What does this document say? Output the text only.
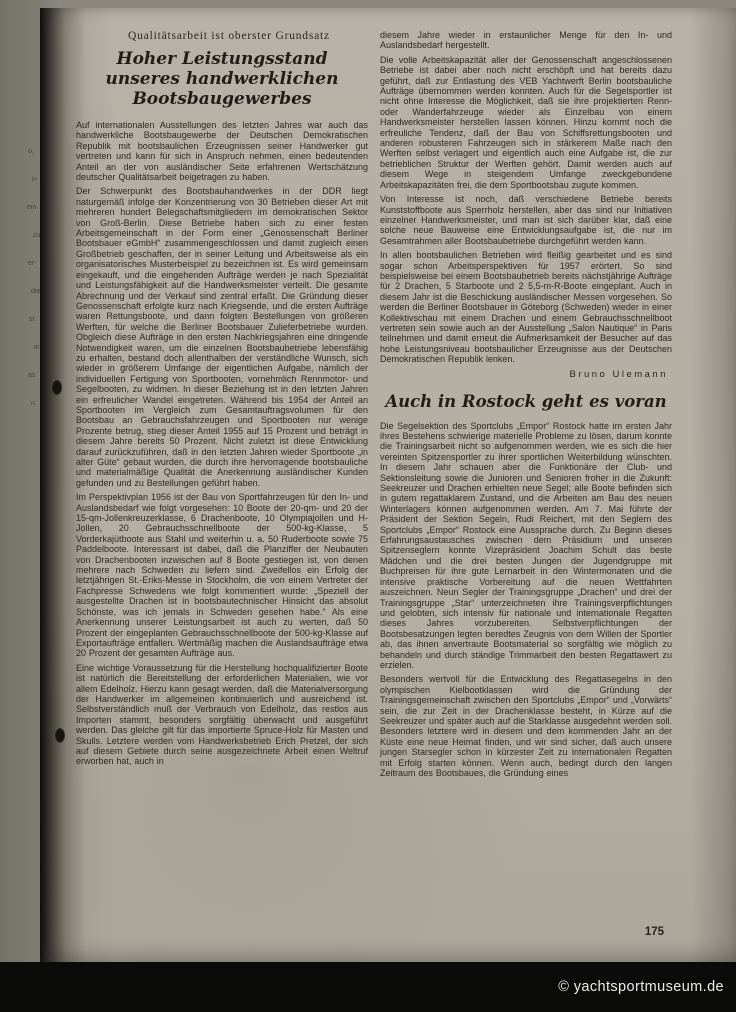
o,
n-
ein
zu
er-
die
st
in
as
n.
Qualitätsarbeit ist oberster Grundsatz
Hoher Leistungsstand
unseres handwerklichen Bootsbaugewerbes

Auf internationalen Ausstellungen des letzten Jahres war auch das handwerkliche Bootsbaugewerbe der Deutschen Demokratischen Republik mit bootsbaulichen Erzeugnissen seiner Handwerker gut vertreten und kann für sich in Anspruch nehmen, einen bedeutenden Anteil an der von ausländischer Seite erfahrenen Wertschätzung deutscher Qualitätsarbeit beigetragen zu haben.

Der Schwerpunkt des Bootsbauhandwerkes in der DDR liegt naturgemäß infolge der Konzentrierung von 30 Betrieben dieser Art mit mehreren hundert Belegschaftsmitgliedern im demokratischen Sektor von Groß-Berlin. Diese Betriebe haben sich zu einer festen Arbeitsgemeinschaft in der Form einer „Genossenschaft Berliner Bootsbauer eGmbH“ zusammengeschlossen und damit zugleich einen Großbetrieb geschaffen, der in seiner Leitung und Arbeitsweise als ein organisatorisches Musterbeispiel zu bezeichnen ist. Es wird gemeinsam eingekauft, und die eingehenden Aufträge werden je nach Spezialität und Leistungsfähigkeit auf die Handwerksmeister verteilt. Die gesamte Abrechnung und der Verkauf sind zentral erfaßt. Die Gründung dieser Genossenschaft erfolgte kurz nach Kriegsende, und die ersten Aufträge waren Rettungsboote, und dann folgten Bestellungen von größeren Werften, für welche die Berliner Bootsbauer Zulieferbetriebe wurden. Obgleich diese Aufträge in den ersten Nachkriegsjahren eine dringende Notwendigkeit waren, um die einzelnen Bootsbaubetriebe lebensfähig zu erhalten, bestand doch allenthalben der verständliche Wunsch, sich wieder in größerem Umfange der eigentlichen Aufgabe, nämlich der individuellen Fertigung von Sportbooten, vornehmlich Rennmotor- und Segelbooten, zu widmen. In dieser Beziehung ist in den letzten Jahren ein erfreulicher Wandel eingetreten. Während bis 1954 der Anteil an Sportbooten im Vergleich zum Gesamtauftragsvolumen für den Bootsbau an Gebrauchsfahrzeugen und Sportbooten nur wenige Prozente betrug, stieg dieser Anteil 1955 auf 15 Prozent und beträgt in diesem Jahre bereits 50 Prozent. Nicht zuletzt ist diese Entwicklung darauf zurückzuführen, daß in den letzten Jahren wieder Sportboote „in alter Güte“ gebaut wurden, die durch ihre hervorragende bootsbauliche und materialmäßige Qualität die Anerkennung ausländischer Kunden gefunden und zu Bestellungen geführt haben.

Im Perspektivplan 1956 ist der Bau von Sportfahrzeugen für den In- und Auslandsbedarf wie folgt vorgesehen: 10 Boote der 20-qm- und 20 der 15-qm-Jollenkreuzerklasse, 6 Drachenboote, 10 Olympiajollen und H-Jollen, 20 Gebrauchsschnellboote der 500-kg-Klasse, 5 Vorderkajütboote aus Stahl und weiterhin u. a. 50 Ruderboote sowie 75 Paddelboote. Interessant ist dabei, daß die Planziffer der Neubauten von Drachenbooten inzwischen auf 8 Boote gestiegen ist, von denen mehrere nach Schweden zu liefern sind. Zweifellos ein Erfolg der letztjährigen St.-Eriks-Messe in Stockholm, die von einem Vertreter der Fachpresse Schwedens wie folgt kommentiert wurde: „Speziell der ausgestellte Drachen ist in bootsbautechnischer Hinsicht das absolut Schönste, was ich jemals in Schweden gesehen habe.“ Als eine Anerkennung unserer Leistungsarbeit ist auch zu werten, daß 50 Prozent der eingeplanten Gebrauchsschnellboote der 500-kg-Klasse auf Exportaufträge entfallen. Wertmäßig machen die Auslandsaufträge etwa 20 Prozent der gesamten Aufträge aus.

Eine wichtige Voraussetzung für die Herstellung hochqualifizierter Boote ist natürlich die Bereitstellung der erforderlichen Materialien, wie vor allem Edelholz. Hierzu kann gesagt werden, daß die Materialversorgung der Handwerker im allgemeinen kontinuierlich und ausreichend ist. Selbstverständlich muß der Verbrauch von Edelholz, das restlos aus Importen stammt, besonders sorgfältig überwacht und ausgeführt werden. Das gleiche gilt für das importierte Spruce-Holz für Masten und Skulls. Letztere werden vom Handwerksbetrieb Erich Pretzel, der sich auf diesem Gebiete durch seine ausgezeichnete Arbeit einen Weltruf erworben hat, auch in

diesem Jahre wieder in erstaunlicher Menge für den In- und Auslandsbedarf hergestellt.

Die volle Arbeitskapazität aller der Genossenschaft angeschlossenen Betriebe ist dabei aber noch nicht erschöpft und hat bereits dazu geführt, daß zur Entlastung des VEB Yachtwerft Berlin bootsbauliche Aufträge übernommen werden konnten. Auch für die Segelsportler ist nicht ohne Interesse die Möglichkeit, daß sie ihre projektierten Renn- oder Wanderfahrzeuge wieder als Einzelbau von einem Handwerksmeister herstellen lassen können. Hinzu kommt noch die erfreuliche Tendenz, daß der Bau von Schiffsrettungsbooten und anderen robusteren Fahrzeugen sich in stärkerem Maße nach den Werften selbst verlagert und eigentlich auch eine Aufgabe ist, die zur betrieblichen Struktur der Werften gehört. Damit werden auch auf diesem Wege in steigendem Umfange zweckgebundene Arbeitskapazitäten frei, die dem Sportbootsbau zugute kommen.

Von Interesse ist noch, daß verschiedene Betriebe bereits Kunststoffboote aus Sperrholz herstellen, aber das sind nur Initiativen einzelner Handwerksmeister, und man ist sich darüber klar, daß eine solche neue Bauweise eine Entwicklungsaufgabe ist, die nur im Gesamtrahmen aller Bootsbaubetriebe durchgeführt werden kann.

In allen bootsbaulichen Betrieben wird fleißig gearbeitet und es sind sogar schon Arbeitsperspektiven für 1957 erörtert. So sind beispielsweise bei einem Bootsbaubetrieb bereits nächstjährige Aufträge für 2 Drachen, 5 Starboote und 2 5,5-m-R-Boote eingeplant. Auch in diesem Jahr ist die Beschickung ausländischer Messen vorgesehen. So werden die Berliner Bootsbauer in Göteborg (Schweden) wieder in einer Kollektivschau mit einem Drachen und einem Gebrauchsschnellboot vertreten sein sowie auch an der Ausstellung „Salon Nautique“ in Paris teilnehmen und damit erneut die Aufmerksamkeit der Besucher auf das hohe Leistungsniveau bootsbaulicher Erzeugnisse aus der Deutschen Demokratischen Republik lenken.

Bruno Ulemann
Auch in Rostock geht es voran

Die Segelsektion des Sportclubs „Empor“ Rostock hatte im ersten Jahr ihres Bestehens schwierige materielle Probleme zu lösen, darum konnte die Trainingsarbeit nicht so aufgenommen werden, wie es sich die hier vereinten Spitzensportler zu ihrer sportlichen Weiterbildung wünschten. In diesem Jahr schauen aber die Funktionäre der Club- und Sektionsleitung sowie die Junioren und Senioren froher in die Zukunft: Seekreuzer und Drachen erhielten neue Segel; alle Boote befinden sich in gutem regattaklarem Zustand, und die Arbeiten am Bau des neuen Winterlagers können aufgenommen werden. Am 7. Mai führte der Präsident der Sektion Segeln, Rudi Reichert, mit den Seglern des Sportclubs „Empor“ Rostock eine Aussprache durch. Zu Beginn dieses Erfahrungsaustausches zwischen dem Präsidium und unseren Spitzenseglern konnte Vizepräsident Joachim Schult das beste Mädchen und die drei besten Jungen der Jugendgruppe mit Buchpreisen für ihre gute Lernarbeit in den Wintermonaten und die intensive praktische Vorbereitung auf die neuen Wettfahrten auszeichnen. Neun Segler der Trainingsgruppe „Drachen“ und drei der Trainingsgruppe „Star“ unterzeichneten ihre Trainingsverpflichtungen und gelobten, sich intensiv für nationale und internationale Regatten dieses Jahres vorzubereiten. Selbstverpflichtungen der Bootsbesatzungen legten beredtes Zeugnis von dem Willen der Sportler ab, das ihnen anvertraute Bootsmaterial so sorgfältig wie möglich zu behandeln und durch ständige Trimmarbeit den besten Regattawert zu erzielen.

Besonders wertvoll für die Entwicklung des Regattasegelns in den olympischen Kielbootklassen wird die Gründung der Trainingsgemeinschaft zwischen den Sportclubs „Empor“ und „Vorwärts“ sein, die zur Zeit in der Drachenklasse besteht, in Kürze auf die Seekreuzer und später auch auf die Starklasse ausgedehnt werden soll. Besonders letztere wird in diesem und dem kommenden Jahr an der Küste eine neue Heimat finden, und wir sind sicher, daß auch unsere jungen Starsegler schon in kürzester Zeit zu internationalen Regatten mit Erfolg starten können. Wenn auch, bedingt durch den langen Zeitraum des Bootsbaues, die Gründung eines

175
© yachtsportmuseum.de
